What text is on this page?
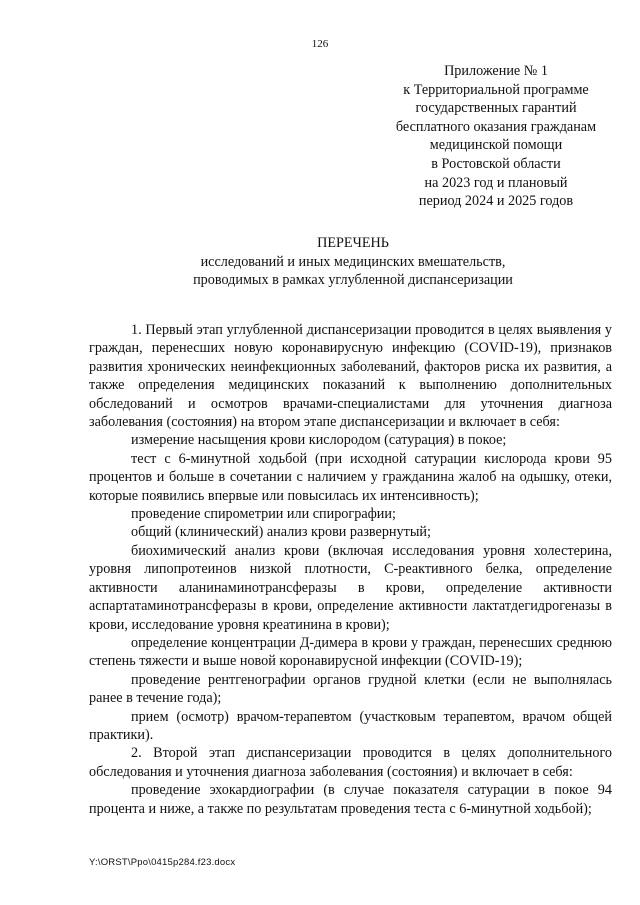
126
Приложение № 1
к Территориальной программе
государственных гарантий
бесплатного оказания гражданам
медицинской помощи
в Ростовской области
на 2023 год и плановый
период 2024 и 2025 годов
ПЕРЕЧЕНЬ
исследований и иных медицинских вмешательств,
проводимых в рамках углубленной диспансеризации

1. Первый этап углубленной диспансеризации проводится в целях выявления у граждан, перенесших новую коронавирусную инфекцию (COVID-19), признаков развития хронических неинфекционных заболеваний, факторов риска их развития, а также определения медицинских показаний к выполнению дополнительных обследований и осмотров врачами-специалистами для уточнения диагноза заболевания (состояния) на втором этапе диспансеризации и включает в себя:

измерение насыщения крови кислородом (сатурация) в покое;

тест с 6-минутной ходьбой (при исходной сатурации кислорода крови 95 процентов и больше в сочетании с наличием у гражданина жалоб на одышку, отеки, которые появились впервые или повысилась их интенсивность);

проведение спирометрии или спирографии;

общий (клинический) анализ крови развернутый;

биохимический анализ крови (включая исследования уровня холестерина, уровня липопротеинов низкой плотности, С-реактивного белка, определение активности аланинаминотрансферазы в крови, определение активности аспартатаминотрансферазы в крови, определение активности лактатдегидрогеназы в крови, исследование уровня креатинина в крови);

определение концентрации Д-димера в крови у граждан, перенесших среднюю степень тяжести и выше новой коронавирусной инфекции (COVID-19);

проведение рентгенографии органов грудной клетки (если не выполнялась ранее в течение года);

прием (осмотр) врачом-терапевтом (участковым терапевтом, врачом общей практики).

2. Второй этап диспансеризации проводится в целях дополнительного обследования и уточнения диагноза заболевания (состояния) и включает в себя:

проведение эхокардиографии (в случае показателя сатурации в покое 94 процента и ниже, а также по результатам проведения теста с 6-минутной ходьбой);

Y:\ORST\Ppo\0415p284.f23.docx
